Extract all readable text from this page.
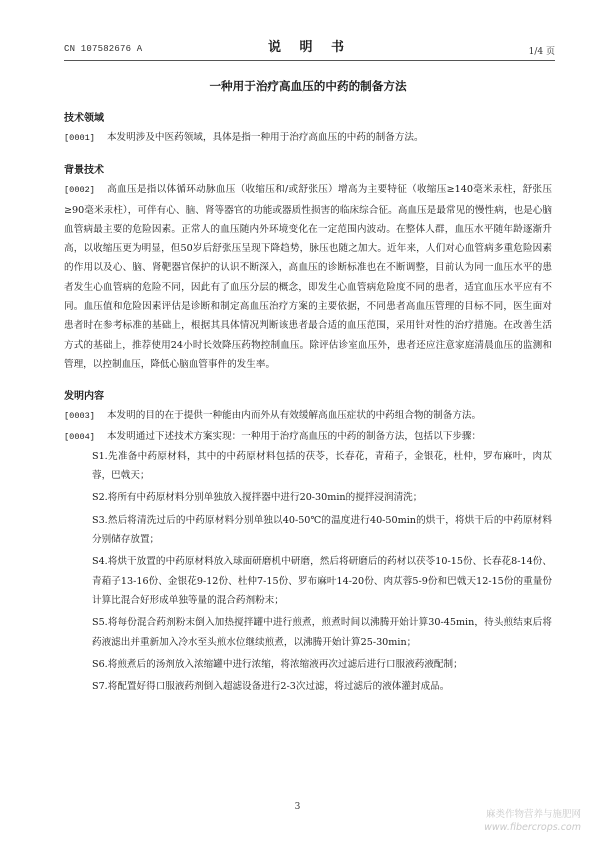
CN 107582676 A	说 明 书	1/4 页
一种用于治疗高血压的中药的制备方法
技术领域

[0001] 本发明涉及中医药领域，具体是指一种用于治疗高血压的中药的制备方法。

背景技术

[0002] 高血压是指以体循环动脉血压（收缩压和/或舒张压）增高为主要特征（收缩压≥140毫米汞柱，舒张压≥90毫米汞柱），可伴有心、脑、肾等器官的功能或器质性损害的临床综合征。高血压是最常见的慢性病，也是心脑血管病最主要的危险因素。正常人的血压随内外环境变化在一定范围内波动。在整体人群，血压水平随年龄逐渐升高，以收缩压更为明显，但50岁后舒张压呈现下降趋势，脉压也随之加大。近年来，人们对心血管病多重危险因素的作用以及心、脑、肾靶器官保护的认识不断深入，高血压的诊断标准也在不断调整，目前认为同一血压水平的患者发生心血管病的危险不同，因此有了血压分层的概念，即发生心血管病危险度不同的患者，适宜血压水平应有不同。血压值和危险因素评估是诊断和制定高血压治疗方案的主要依据，不同患者高血压管理的目标不同，医生面对患者时在参考标准的基础上，根据其具体情况判断该患者最合适的血压范围，采用针对性的治疗措施。在改善生活方式的基础上，推荐使用24小时长效降压药物控制血压。除评估诊室血压外，患者还应注意家庭清晨血压的监测和管理，以控制血压，降低心脑血管事件的发生率。

发明内容

[0003] 本发明的目的在于提供一种能由内而外从有效缓解高血压症状的中药组合物的制备方法。

[0004] 本发明通过下述技术方案实现：一种用于治疗高血压的中药的制备方法，包括以下步骤：

S1.先准备中药原材料，其中的中药原材料包括的茯苓，长春花，青葙子，金银花，杜仲，罗布麻叶，肉苁蓉，巴戟天；

S2.将所有中药原材料分别单独放入搅拌器中进行20-30min的搅拌浸润清洗；

S3.然后将清洗过后的中药原材料分别单独以40-50℃的温度进行40-50min的烘干，将烘干后的中药原材料分别储存放置；

S4.将烘干放置的中药原材料放入球面研磨机中研磨，然后将研磨后的药材以茯苓10-15份、长春花8-14份、青葙子13-16份、金银花9-12份、杜仲7-15份、罗布麻叶14-20份、肉苁蓉5-9份和巴戟天12-15份的重量份计算比混合好形成单独等量的混合药剂粉末；

S5.将每份混合药剂粉末倒入加热搅拌罐中进行煎煮，煎煮时间以沸腾开始计算30-45min，待头煎结束后将药液滤出并重新加入冷水至头煎水位继续煎煮，以沸腾开始计算25-30min；

S6.将煎煮后的汤剂放入浓缩罐中进行浓缩，将浓缩液再次过滤后进行口服液药液配制；

S7.将配置好得口服液药剂倒入超滤设备进行2-3次过滤，将过滤后的液体灌封成品。

3
麻类作物营养与施肥网
www.fibercrops.com
